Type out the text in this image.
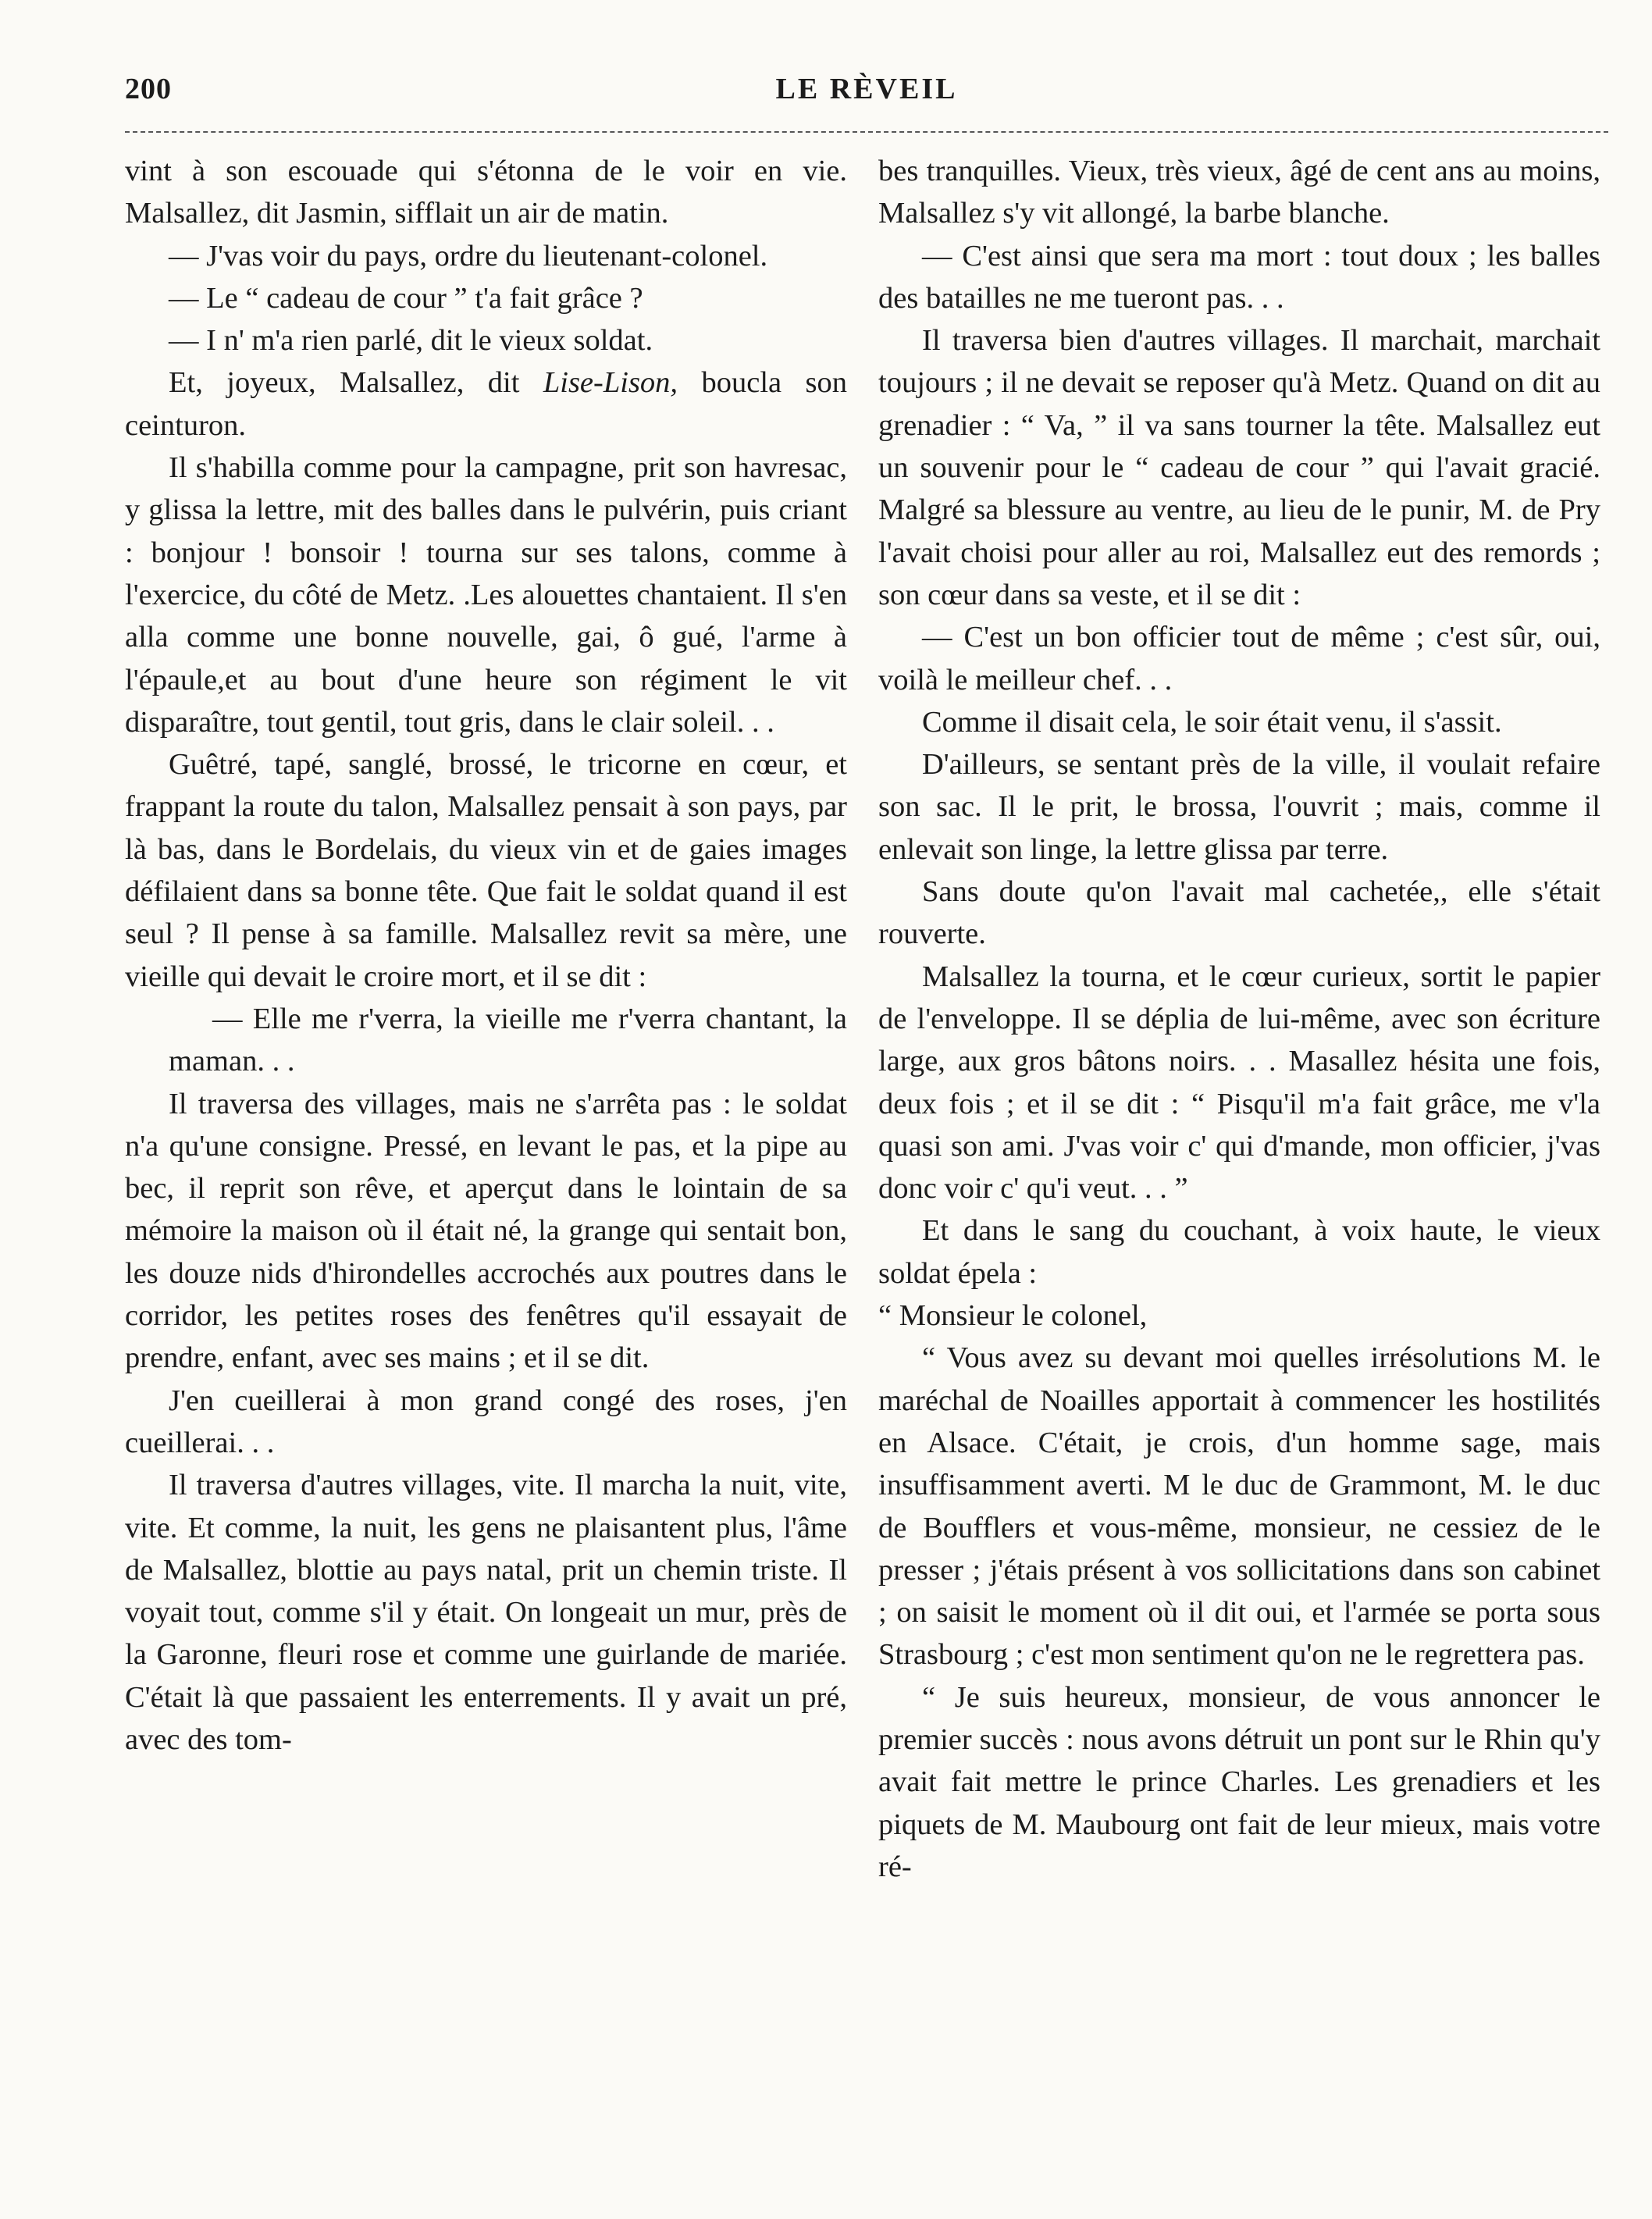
200	LE RÈVEIL

vint à son escouade qui s'étonna de le voir en vie. Malsallez, dit Jasmin, sifflait un air de matin.

— J'vas voir du pays, ordre du lieutenant-colonel.

— Le “ cadeau de cour ” t'a fait grâce ?

— I n' m'a rien parlé, dit le vieux soldat.

Et, joyeux, Malsallez, dit Lise-Lison, boucla son ceinturon.

Il s'habilla comme pour la campagne, prit son havresac, y glissa la lettre, mit des balles dans le pulvérin, puis criant : bonjour ! bonsoir ! tourna sur ses talons, comme à l'exercice, du côté de Metz. .Les alouettes chantaient. Il s'en alla comme une bonne nouvelle, gai, ô gué, l'arme à l'épaule,et au bout d'une heure son régiment le vit disparaître, tout gentil, tout gris, dans le clair soleil. . .

Guêtré, tapé, sanglé, brossé, le tricorne en cœur, et frappant la route du talon, Malsallez pensait à son pays, par là bas, dans le Bordelais, du vieux vin et de gaies images défilaient dans sa bonne tête. Que fait le soldat quand il est seul ? Il pense à sa famille. Malsallez revit sa mère, une vieille qui devait le croire mort, et il se dit :

— Elle me r'verra, la vieille me r'verra chantant, la maman. . .

Il traversa des villages, mais ne s'arrêta pas : le soldat n'a qu'une consigne. Pressé, en levant le pas, et la pipe au bec, il reprit son rêve, et aperçut dans le lointain de sa mémoire la maison où il était né, la grange qui sentait bon, les douze nids d'hirondelles accrochés aux poutres dans le corridor, les petites roses des fenêtres qu'il essayait de prendre, enfant, avec ses mains ; et il se dit.

J'en cueillerai à mon grand congé des roses, j'en cueillerai. . .

Il traversa d'autres villages, vite. Il marcha la nuit, vite, vite. Et comme, la nuit, les gens ne plaisantent plus, l'âme de Malsallez, blottie au pays natal, prit un chemin triste. Il voyait tout, comme s'il y était. On longeait un mur, près de la Garonne, fleuri rose et comme une guirlande de mariée. C'était là que passaient les enterrements. Il y avait un pré, avec des tom-

bes tranquilles. Vieux, très vieux, âgé de cent ans au moins, Malsallez s'y vit allongé, la barbe blanche.

— C'est ainsi que sera ma mort : tout doux ; les balles des batailles ne me tueront pas. . .

Il traversa bien d'autres villages. Il marchait, marchait toujours ; il ne devait se reposer qu'à Metz. Quand on dit au grenadier : “ Va, ” il va sans tourner la tête. Malsallez eut un souvenir pour le “ cadeau de cour ” qui l'avait gracié. Malgré sa blessure au ventre, au lieu de le punir, M. de Pry l'avait choisi pour aller au roi, Malsallez eut des remords ; son cœur dans sa veste, et il se dit :

— C'est un bon officier tout de même ; c'est sûr, oui, voilà le meilleur chef. . .

Comme il disait cela, le soir était venu, il s'assit.

D'ailleurs, se sentant près de la ville, il voulait refaire son sac. Il le prit, le brossa, l'ouvrit ; mais, comme il enlevait son linge, la lettre glissa par terre.

Sans doute qu'on l'avait mal cachetée,, elle s'était rouverte.

Malsallez la tourna, et le cœur curieux, sortit le papier de l'enveloppe. Il se déplia de lui-même, avec son écriture large, aux gros bâtons noirs. . . Masallez hésita une fois, deux fois ; et il se dit : “ Pisqu'il m'a fait grâce, me v'la quasi son ami. J'vas voir c' qui d'mande, mon officier, j'vas donc voir c' qu'i veut. . . ”

Et dans le sang du couchant, à voix haute, le vieux soldat épela :

“ Monsieur le colonel,

“ Vous avez su devant moi quelles irrésolutions M. le maréchal de Noailles apportait à commencer les hostilités en Alsace. C'était, je crois, d'un homme sage, mais insuffisamment averti. M le duc de Grammont, M. le duc de Boufflers et vous-même, monsieur, ne cessiez de le presser ; j'étais présent à vos sollicitations dans son cabinet ; on saisit le moment où il dit oui, et l'armée se porta sous Strasbourg ; c'est mon sentiment qu'on ne le regrettera pas.

“ Je suis heureux, monsieur, de vous annoncer le premier succès : nous avons détruit un pont sur le Rhin qu'y avait fait mettre le prince Charles. Les grenadiers et les piquets de M. Maubourg ont fait de leur mieux, mais votre ré-
